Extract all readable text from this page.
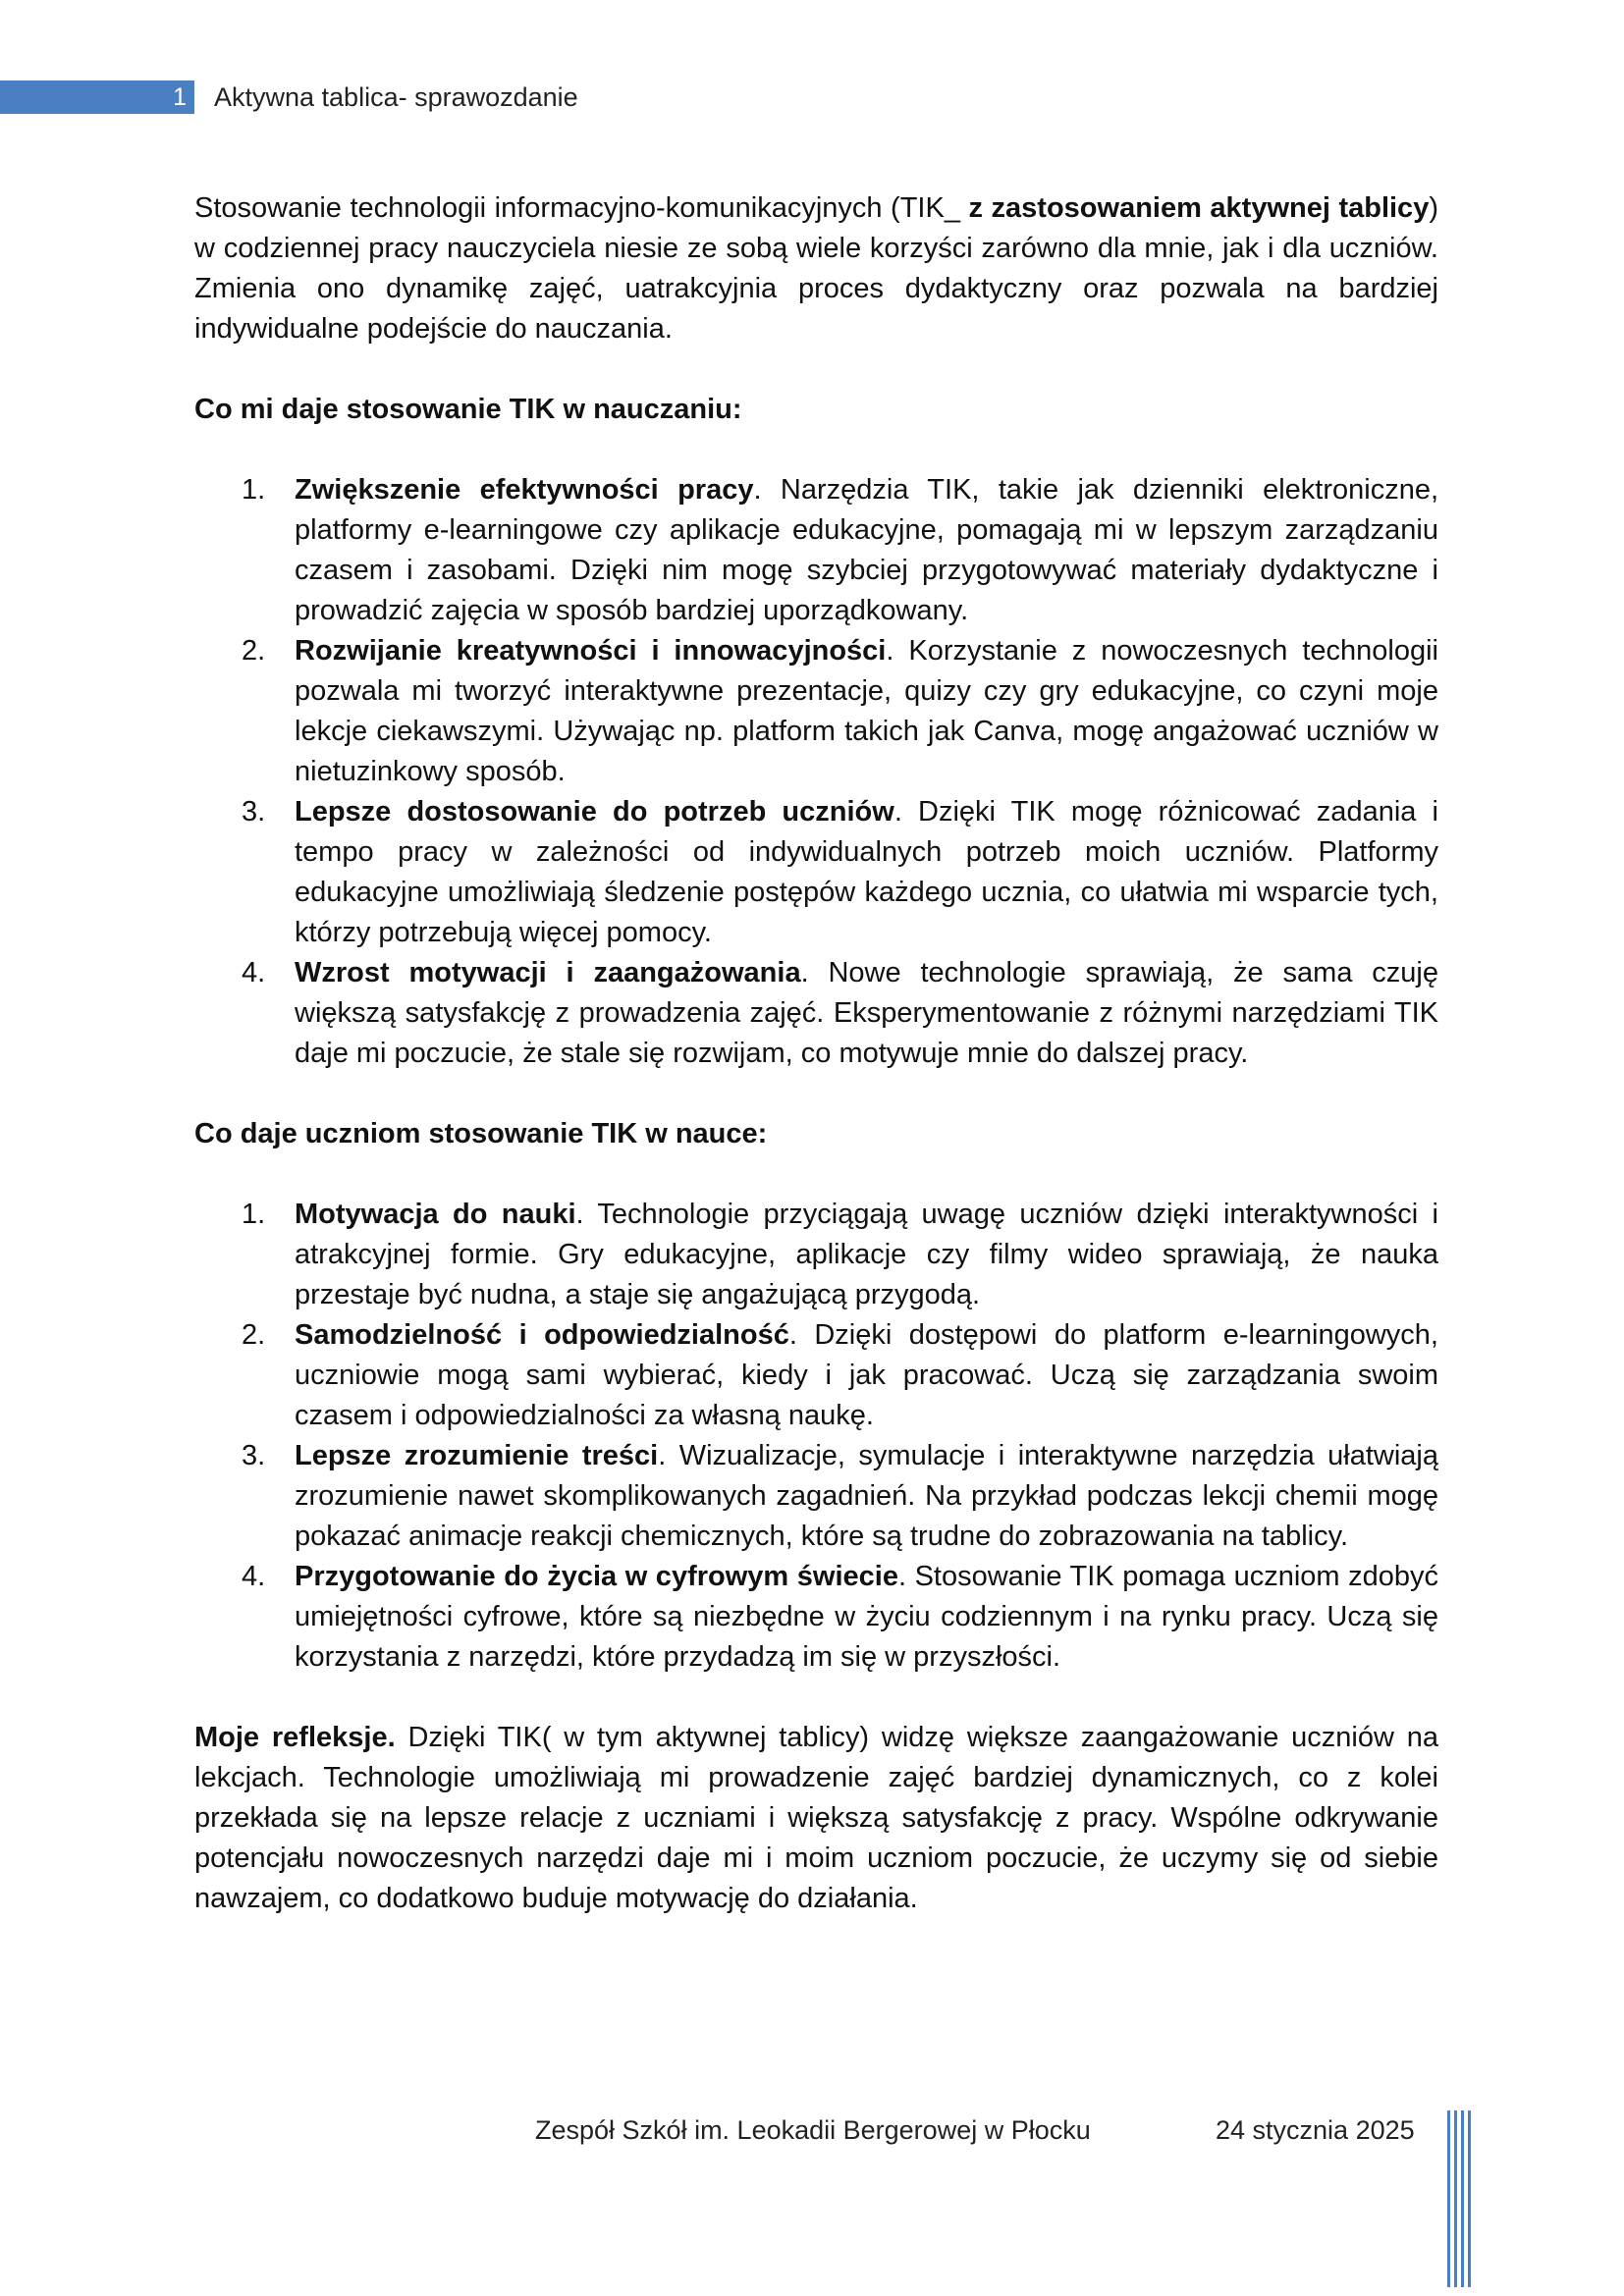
1 Aktywna tablica- sprawozdanie

Stosowanie technologii informacyjno-komunikacyjnych (TIK_ z zastosowaniem aktywnej tablicy) w codziennej pracy nauczyciela niesie ze sobą wiele korzyści zarówno dla mnie, jak i dla uczniów. Zmienia ono dynamikę zajęć, uatrakcyjnia proces dydaktyczny oraz pozwala na bardziej indywidualne podejście do nauczania.

Co mi daje stosowanie TIK w nauczaniu:

1. Zwiększenie efektywności pracy. Narzędzia TIK, takie jak dzienniki elektroniczne, platformy e-learningowe czy aplikacje edukacyjne, pomagają mi w lepszym zarządzaniu czasem i zasobami. Dzięki nim mogę szybciej przygotowywać materiały dydaktyczne i prowadzić zajęcia w sposób bardziej uporządkowany.
2. Rozwijanie kreatywności i innowacyjności. Korzystanie z nowoczesnych technologii pozwala mi tworzyć interaktywne prezentacje, quizy czy gry edukacyjne, co czyni moje lekcje ciekawszymi. Używając np. platform takich jak Canva, mogę angażować uczniów w nietuzinkowy sposób.
3. Lepsze dostosowanie do potrzeb uczniów. Dzięki TIK mogę różnicować zadania i tempo pracy w zależności od indywidualnych potrzeb moich uczniów. Platformy edukacyjne umożliwiają śledzenie postępów każdego ucznia, co ułatwia mi wsparcie tych, którzy potrzebują więcej pomocy.
4. Wzrost motywacji i zaangażowania. Nowe technologie sprawiają, że sama czuję większą satysfakcję z prowadzenia zajęć. Eksperymentowanie z różnymi narzędziami TIK daje mi poczucie, że stale się rozwijam, co motywuje mnie do dalszej pracy.

Co daje uczniom stosowanie TIK w nauce:

1. Motywacja do nauki. Technologie przyciągają uwagę uczniów dzięki interaktywności i atrakcyjnej formie. Gry edukacyjne, aplikacje czy filmy wideo sprawiają, że nauka przestaje być nudna, a staje się angażującą przygodą.
2. Samodzielność i odpowiedzialność. Dzięki dostępowi do platform e-learningowych, uczniowie mogą sami wybierać, kiedy i jak pracować. Uczą się zarządzania swoim czasem i odpowiedzialności za własną naukę.
3. Lepsze zrozumienie treści. Wizualizacje, symulacje i interaktywne narzędzia ułatwiają zrozumienie nawet skomplikowanych zagadnień. Na przykład podczas lekcji chemii mogę pokazać animacje reakcji chemicznych, które są trudne do zobrazowania na tablicy.
4. Przygotowanie do życia w cyfrowym świecie. Stosowanie TIK pomaga uczniom zdobyć umiejętności cyfrowe, które są niezbędne w życiu codziennym i na rynku pracy. Uczą się korzystania z narzędzi, które przydadzą im się w przyszłości.

Moje refleksje. Dzięki TIK( w tym aktywnej tablicy) widzę większe zaangażowanie uczniów na lekcjach. Technologie umożliwiają mi prowadzenie zajęć bardziej dynamicznych, co z kolei przekłada się na lepsze relacje z uczniami i większą satysfakcję z pracy. Wspólne odkrywanie potencjału nowoczesnych narzędzi daje mi i moim uczniom poczucie, że uczymy się od siebie nawzajem, co dodatkowo buduje motywację do działania.

Zespół Szkół im. Leokadii Bergerowej w Płocku	24 stycznia 2025
